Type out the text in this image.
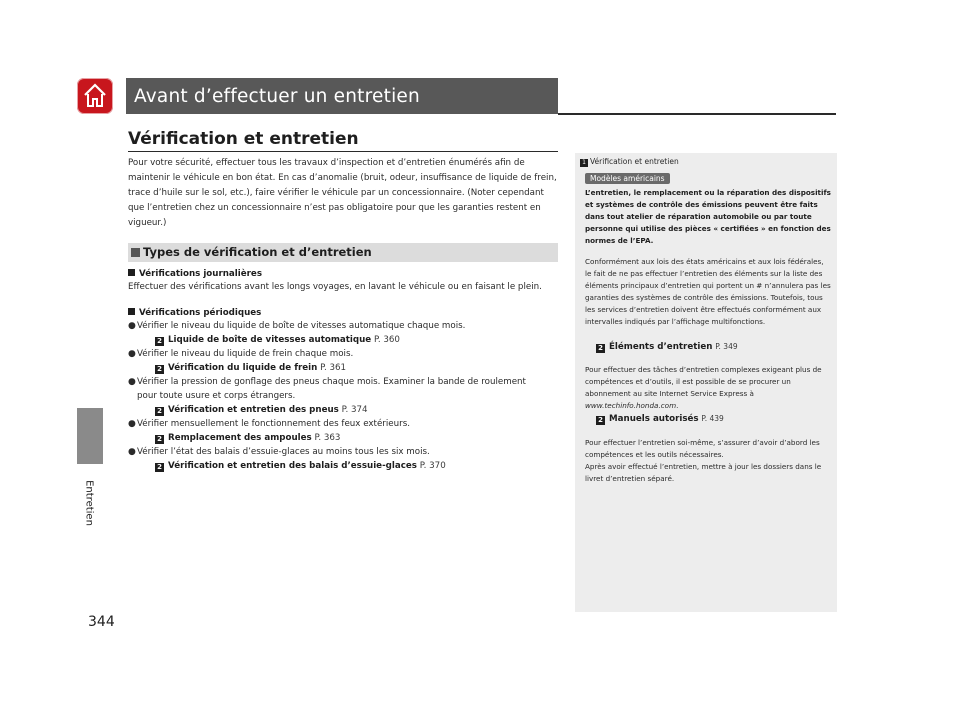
Avant d’effectuer un entretien
Entretien
344
Vérification et entretien
Pour votre sécurité, effectuer tous les travaux d’inspection et d’entretien énumérés afin de maintenir le véhicule en bon état. En cas d’anomalie (bruit, odeur, insuffisance de liquide de frein, trace d’huile sur le sol, etc.), faire vérifier le véhicule par un concessionnaire. (Noter cependant que l’entretien chez un concessionnaire n’est pas obligatoire pour que les garanties restent en vigueur.)
Types de vérification et d’entretien
Vérifications journalières
Effectuer des vérifications avant les longs voyages, en lavant le véhicule ou en faisant le plein.
Vérifications périodiques
●Vérifier le niveau du liquide de boîte de vitesses automatique chaque mois.
2 Liquide de boîte de vitesses automatique P. 360
●Vérifier le niveau du liquide de frein chaque mois.
2 Vérification du liquide de frein P. 361
●Vérifier la pression de gonflage des pneus chaque mois. Examiner la bande de roulement
pour toute usure et corps étrangers.
2 Vérification et entretien des pneus P. 374
●Vérifier mensuellement le fonctionnement des feux extérieurs.
2 Remplacement des ampoules P. 363
●Vérifier l’état des balais d’essuie-glaces au moins tous les six mois.
2 Vérification et entretien des balais d’essuie-glaces P. 370
1 Vérification et entretien
Modèles américains
L’entretien, le remplacement ou la réparation des dispositifs et systèmes de contrôle des émissions peuvent être faits dans tout atelier de réparation automobile ou par toute personne qui utilise des pièces « certifiées » en fonction des normes de l’EPA.
Conformément aux lois des états américains et aux lois fédérales, le fait de ne pas effectuer l’entretien des éléments sur la liste des éléments principaux d’entretien qui portent un # n’annulera pas les garanties des systèmes de contrôle des émissions. Toutefois, tous les services d’entretien doivent être effectués conformément aux intervalles indiqués par l’affichage multifonctions.
2 Éléments d’entretien P. 349
Pour effectuer des tâches d’entretien complexes exigeant plus de compétences et d’outils, il est possible de se procurer un abonnement au site Internet Service Express à www.techinfo.honda.com.
2 Manuels autorisés P. 439
Pour effectuer l’entretien soi-même, s’assurer d’avoir d’abord les compétences et les outils nécessaires.
Après avoir effectué l’entretien, mettre à jour les dossiers dans le livret d’entretien séparé.
